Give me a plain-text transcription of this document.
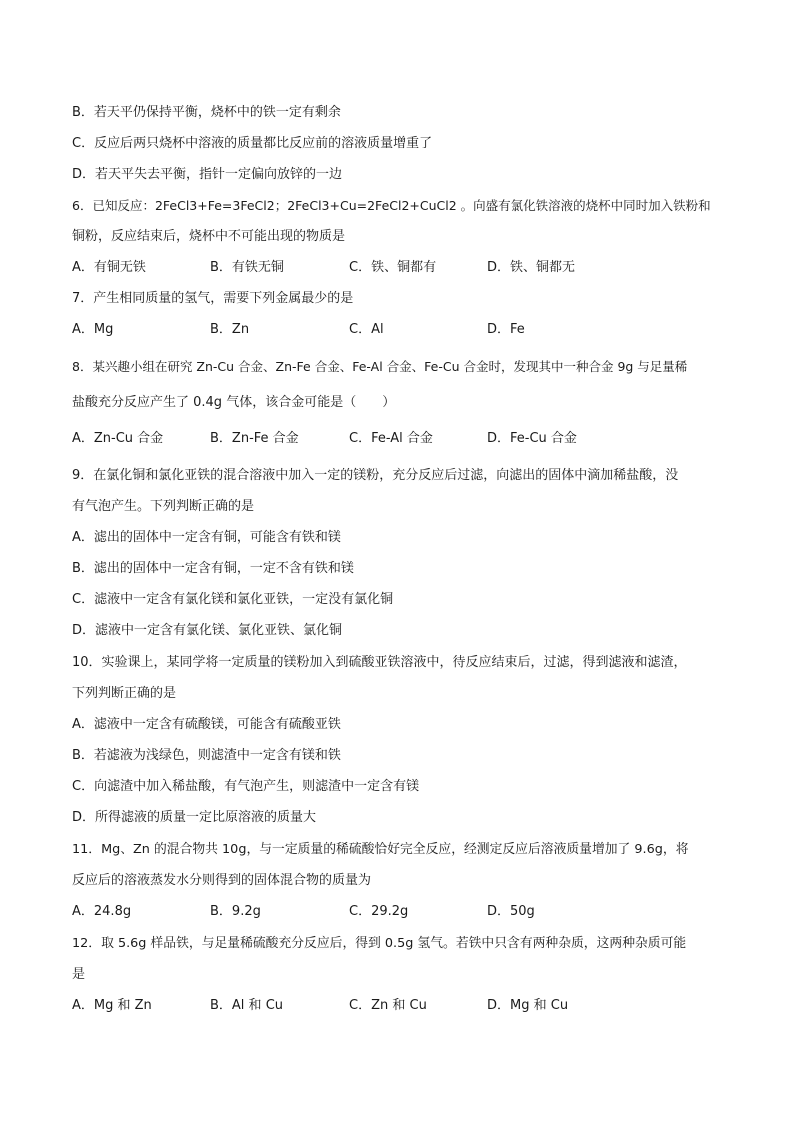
B．若天平仍保持平衡，烧杯中的铁一定有剩余
C．反应后两只烧杯中溶液的质量都比反应前的溶液质量增重了
D．若天平失去平衡，指针一定偏向放锌的一边
6．已知反应：2FeCl3+Fe=3FeCl2；2FeCl3+Cu=2FeCl2+CuCl2 。向盛有氯化铁溶液的烧杯中同时加入铁粉和
铜粉，反应结束后，烧杯中不可能出现的物质是
A．有铜无铁	B．有铁无铜	C．铁、铜都有	D．铁、铜都无
7．产生相同质量的氢气，需要下列金属最少的是
A．Mg	B．Zn	C．Al	D．Fe
8．某兴趣小组在研究 Zn-Cu 合金、Zn-Fe 合金、Fe-Al 合金、Fe-Cu 合金时，发现其中一种合金 9g 与足量稀
盐酸充分反应产生了 0.4g 气体，该合金可能是（　　）
A．Zn-Cu 合金	B．Zn-Fe 合金	C．Fe-Al 合金	D．Fe-Cu 合金
9．在氯化铜和氯化亚铁的混合溶液中加入一定的镁粉，充分反应后过滤，向滤出的固体中滴加稀盐酸，没
有气泡产生。下列判断正确的是
A．滤出的固体中一定含有铜，可能含有铁和镁
B．滤出的固体中一定含有铜，一定不含有铁和镁
C．滤液中一定含有氯化镁和氯化亚铁，一定没有氯化铜
D．滤液中一定含有氯化镁、氯化亚铁、氯化铜
10．实验课上，某同学将一定质量的镁粉加入到硫酸亚铁溶液中，待反应结束后，过滤，得到滤液和滤渣，
下列判断正确的是
A．滤液中一定含有硫酸镁，可能含有硫酸亚铁
B．若滤液为浅绿色，则滤渣中一定含有镁和铁
C．向滤渣中加入稀盐酸，有气泡产生，则滤渣中一定含有镁
D．所得滤液的质量一定比原溶液的质量大
11．Mg、Zn 的混合物共 10g，与一定质量的稀硫酸恰好完全反应，经测定反应后溶液质量增加了 9.6g，将
反应后的溶液蒸发水分则得到的固体混合物的质量为
A．24.8g	B．9.2g	C．29.2g	D．50g
12．取 5.6g 样品铁，与足量稀硫酸充分反应后，得到 0.5g 氢气。若铁中只含有两种杂质，这两种杂质可能
是
A．Mg 和 Zn	B．Al 和 Cu	C．Zn 和 Cu	D．Mg 和 Cu
